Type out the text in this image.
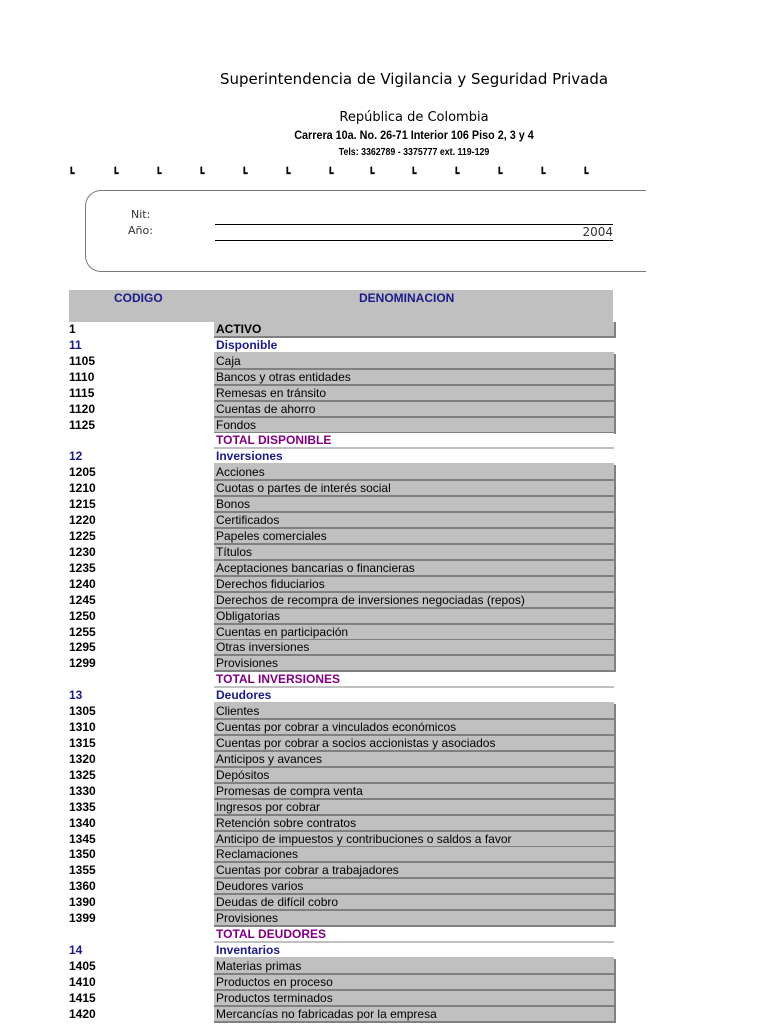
Superintendencia de Vigilancia y Seguridad Privada
República de Colombia
Carrera 10a. No. 26-71 Interior 106 Piso 2, 3 y 4
Tels: 3362789 - 3375777 ext. 119-129
┗	┗	┗	┗	┗	┗	┗	┗	┗	┗	┗	┗	┗
Nit:
Año:	2004
CODIGO	DENOMINACION
1	ACTIVO
11	Disponible
1105	Caja
1110	Bancos y otras entidades
1115	Remesas en tránsito
1120	Cuentas de ahorro
1125	Fondos
TOTAL DISPONIBLE
12	Inversiones
1205	Acciones
1210	Cuotas o partes de interés social
1215	Bonos
1220	Certificados
1225	Papeles comerciales
1230	Títulos
1235	Aceptaciones bancarias o financieras
1240	Derechos fiduciarios
1245	Derechos de recompra de inversiones negociadas (repos)
1250	Obligatorias
1255	Cuentas en participación
1295	Otras inversiones
1299	Provisiones
TOTAL INVERSIONES
13	Deudores
1305	Clientes
1310	Cuentas por cobrar a vinculados económicos
1315	Cuentas por cobrar a socios accionistas y asociados
1320	Anticipos y avances
1325	Depósitos
1330	Promesas de compra venta
1335	Ingresos por cobrar
1340	Retención sobre contratos
1345	Anticipo de impuestos y contribuciones o saldos a favor
1350	Reclamaciones
1355	Cuentas por cobrar a trabajadores
1360	Deudores varios
1390	Deudas de difícil cobro
1399	Provisiones
TOTAL DEUDORES
14	Inventarios
1405	Materias primas
1410	Productos en proceso
1415	Productos terminados
1420	Mercancías no fabricadas por la empresa
